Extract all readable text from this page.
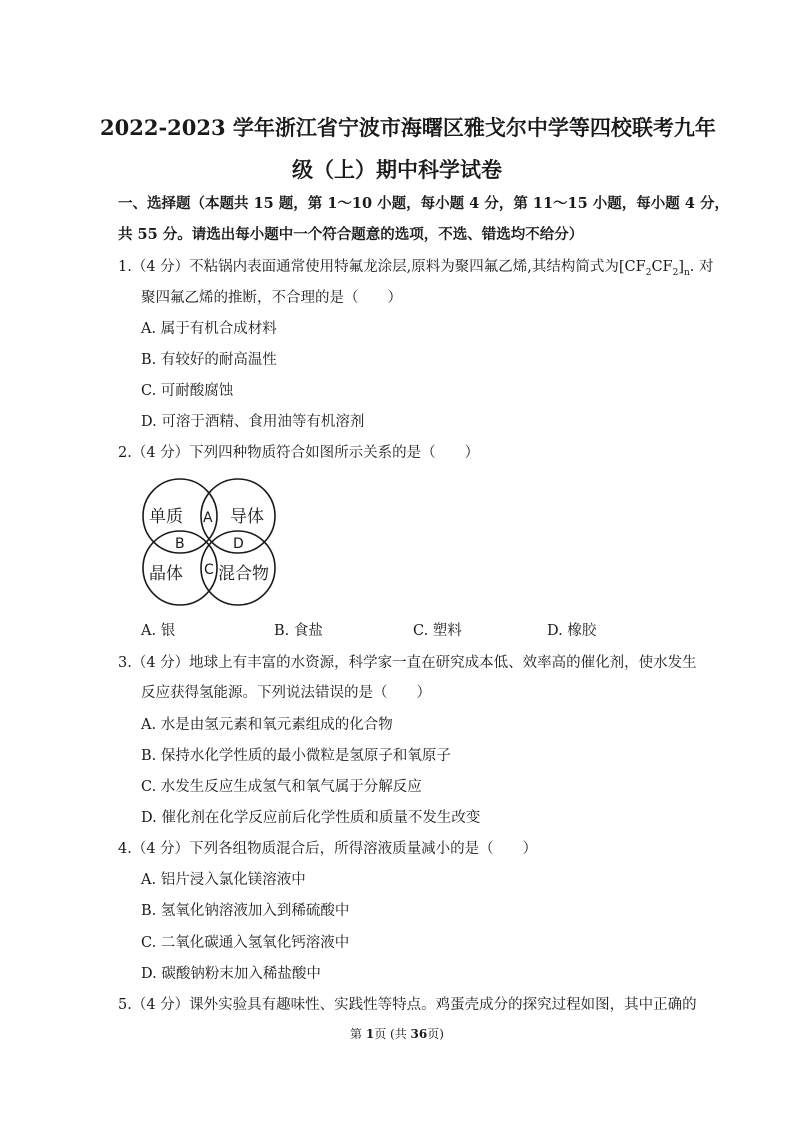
2022-2023 学年浙江省宁波市海曙区雅戈尔中学等四校联考九年
级（上）期中科学试卷
一、选择题（本题共 15 题，第 1～10 小题，每小题 4 分，第 11～15 小题，每小题 4 分，
共 55 分。请选出每小题中一个符合题意的选项，不选、错选均不给分）
1.（4 分）不粘锅内表面通常使用特氟龙涂层,原料为聚四氟乙烯,其结构简式为$[CF_2CF_2]_n$. 对
聚四氟乙烯的推断，不合理的是（　　）
A. 属于有机合成材料
B. 有较好的耐高温性
C. 可耐酸腐蚀
D. 可溶于酒精、食用油等有机溶剂
2.（4 分）下列四种物质符合如图所示关系的是（　　）
单质	导体
晶体 混合物
A
B
C
D
A. 银	B. 食盐	C. 塑料	D. 橡胶
3.（4 分）地球上有丰富的水资源，科学家一直在研究成本低、效率高的催化剂，使水发生
反应获得氢能源。下列说法错误的是（　　）
A. 水是由氢元素和氧元素组成的化合物
B. 保持水化学性质的最小微粒是氢原子和氧原子
C. 水发生反应生成氢气和氧气属于分解反应
D. 催化剂在化学反应前后化学性质和质量不发生改变
4.（4 分）下列各组物质混合后，所得溶液质量减小的是（　　）
A. 铝片浸入氯化镁溶液中
B. 氢氧化钠溶液加入到稀硫酸中
C. 二氧化碳通入氢氧化钙溶液中
D. 碳酸钠粉末加入稀盐酸中
5.（4 分）课外实验具有趣味性、实践性等特点。鸡蛋壳成分的探究过程如图，其中正确的
第 1页 (共 36页)
